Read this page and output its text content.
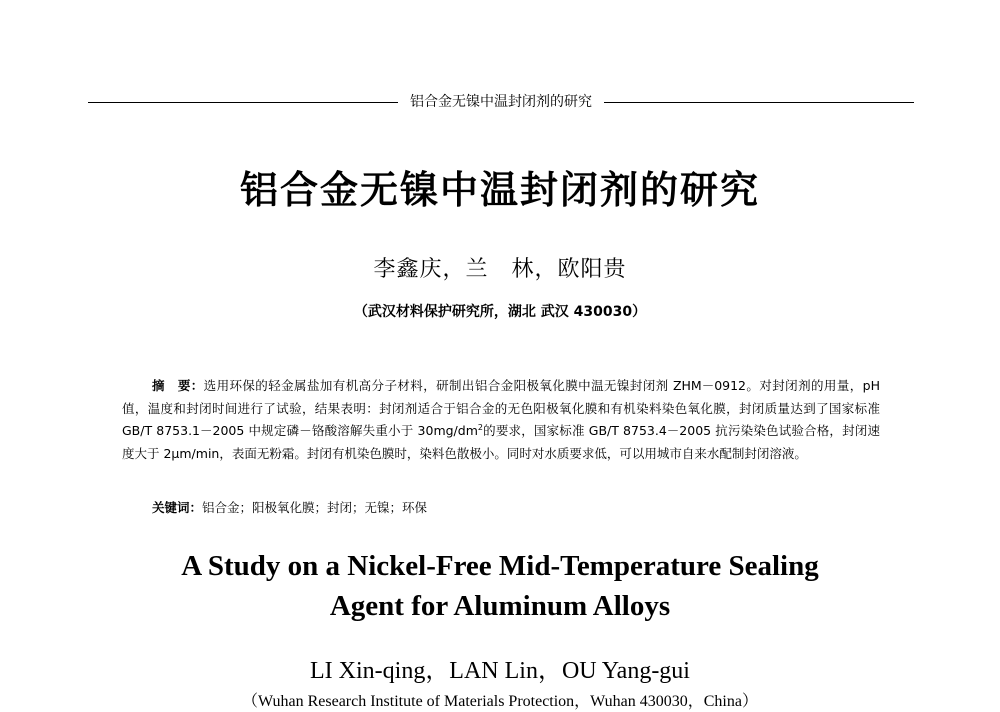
铝合金无镍中温封闭剂的研究
铝合金无镍中温封闭剂的研究
李鑫庆，兰　林，欧阳贵
（武汉材料保护研究所，湖北 武汉 430030）
摘　要：选用环保的轻金属盐加有机高分子材料，研制出铝合金阳极氧化膜中温无镍封闭剂 ZHM－0912。对封闭剂的用量，pH 值，温度和封闭时间进行了试验，结果表明：封闭剂适合于铝合金的无色阳极氧化膜和有机染料染色氧化膜，封闭质量达到了国家标准 GB/T 8753.1－2005 中规定磷－铬酸溶解失重小于 $30mg/dm^2$的要求，国家标准 GB/T 8753.4－2005 抗污染染色试验合格，封闭速度大于 2μm/min，表面无粉霜。封闭有机染色膜时，染料色散极小。同时对水质要求低，可以用城市自来水配制封闭溶液。
关键词：铝合金；阳极氧化膜；封闭；无镍；环保
A Study on a Nickel-Free Mid-Temperature Sealing
Agent for Aluminum Alloys
LI Xin-qing，LAN Lin，OU Yang-gui
（Wuhan Research Institute of Materials Protection，Wuhan 430030，China）
